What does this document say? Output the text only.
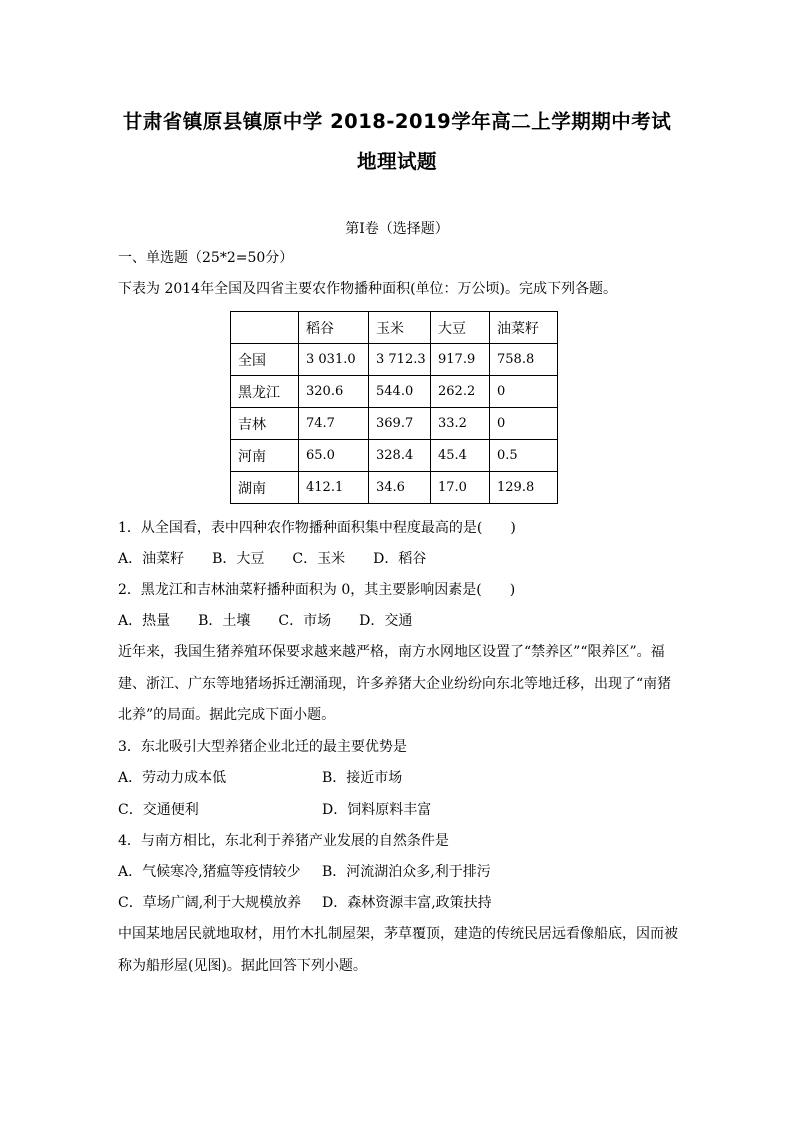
甘肃省镇原县镇原中学 2018-2019学年高二上学期期中考试
地理试题
第Ⅰ卷（选择题）
一、单选题（25*2=50分）
下表为 2014年全国及四省主要农作物播种面积(单位：万公顷)。完成下列各题。
	稻谷	玉米	大豆	油菜籽
全国	3 031.0	3 712.3	917.9	758.8
黑龙江	320.6	544.0	262.2	0
吉林	74.7	369.7	33.2	0
河南	65.0	328.4	45.4	0.5
湖南	412.1	34.6	17.0	129.8
1．从全国看，表中四种农作物播种面积集中程度最高的是(　　)
A．油菜籽　　B．大豆　　C．玉米　　D．稻谷
2．黑龙江和吉林油菜籽播种面积为 0，其主要影响因素是(　　)
A．热量　　B．土壤　　C．市场　　D．交通
近年来，我国生猪养殖环保要求越来越严格，南方水网地区设置了“禁养区”“限养区”。福建、浙江、广东等地猪场拆迁潮涌现，许多养猪大企业纷纷向东北等地迁移，出现了“南猪北养”的局面。据此完成下面小题。
3．东北吸引大型养猪企业北迁的最主要优势是
A．劳动力成本低	B．接近市场
C．交通便利	D．饲料原料丰富
4．与南方相比，东北利于养猪产业发展的自然条件是
A．气候寒冷,猪瘟等疫情较少 B．河流湖泊众多,利于排污
C．草场广阔,利于大规模放养 D．森林资源丰富,政策扶持
中国某地居民就地取材，用竹木扎制屋架，茅草覆顶，建造的传统民居远看像船底，因而被称为船形屋(见图)。据此回答下列小题。
